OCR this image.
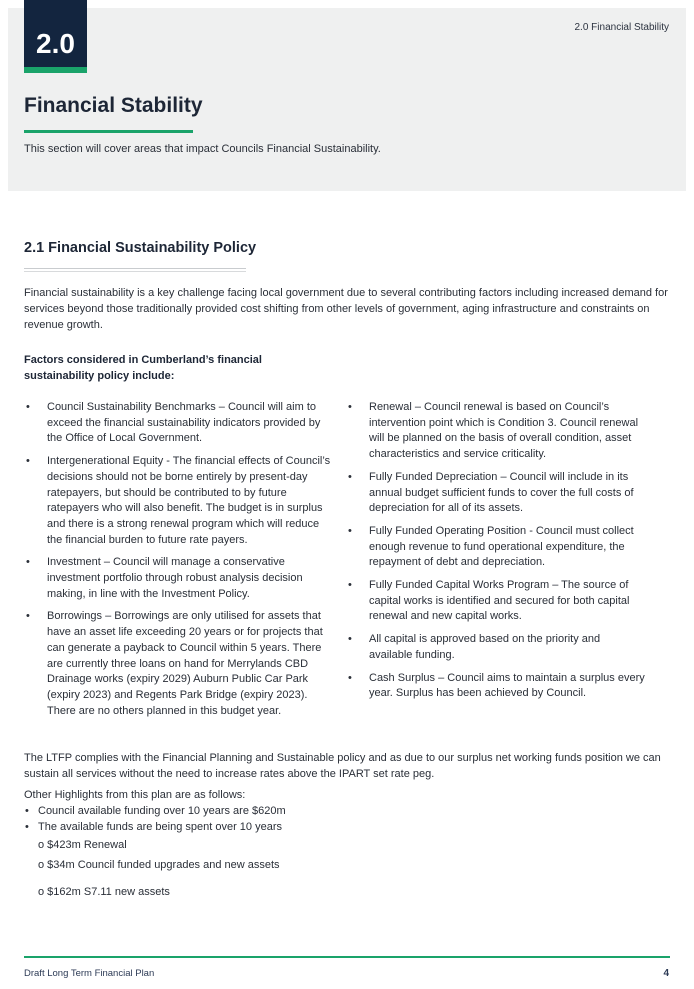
2.0
2.0 Financial Stability
Financial Stability

This section will cover areas that impact Councils Financial Sustainability.

2.1 Financial Sustainability Policy

Financial sustainability is a key challenge facing local government due to several contributing factors including increased demand for services beyond those traditionally provided cost shifting from other levels of government, aging infrastructure and constraints on revenue growth.

Factors considered in Cumberland’s financial sustainability policy include:

• Council Sustainability Benchmarks – Council will aim to exceed the financial sustainability indicators provided by the Office of Local Government.
• Intergenerational Equity - The financial effects of Council’s decisions should not be borne entirely by present-day ratepayers, but should be contributed to by future ratepayers who will also benefit. The budget is in surplus and there is a strong renewal program which will reduce the financial burden to future rate payers.
• Investment – Council will manage a conservative investment portfolio through robust analysis decision making, in line with the Investment Policy.
• Borrowings – Borrowings are only utilised for assets that have an asset life exceeding 20 years or for projects that can generate a payback to Council within 5 years. There are currently three loans on hand for Merrylands CBD Drainage works (expiry 2029) Auburn Public Car Park (expiry 2023) and Regents Park Bridge (expiry 2023). There are no others planned in this budget year.
• Renewal – Council renewal is based on Council’s intervention point which is Condition 3. Council renewal will be planned on the basis of overall condition, asset characteristics and service criticality.
• Fully Funded Depreciation – Council will include in its annual budget sufficient funds to cover the full costs of depreciation for all of its assets.
• Fully Funded Operating Position - Council must collect enough revenue to fund operational expenditure, the repayment of debt and depreciation.
• Fully Funded Capital Works Program – The source of capital works is identified and secured for both capital renewal and new capital works.
• All capital is approved based on the priority and available funding.
• Cash Surplus – Council aims to maintain a surplus every year. Surplus has been achieved by Council.

The LTFP complies with the Financial Planning and Sustainable policy and as due to our surplus net working funds position we can sustain all services without the need to increase rates above the IPART set rate peg.

Other Highlights from this plan are as follows:

• Council available funding over 10 years are $620m
• The available funds are being spent over 10 years
o $423m Renewal
o $34m Council funded upgrades and new assets
o $162m S7.11 new assets
Draft Long Term Financial Plan	4
